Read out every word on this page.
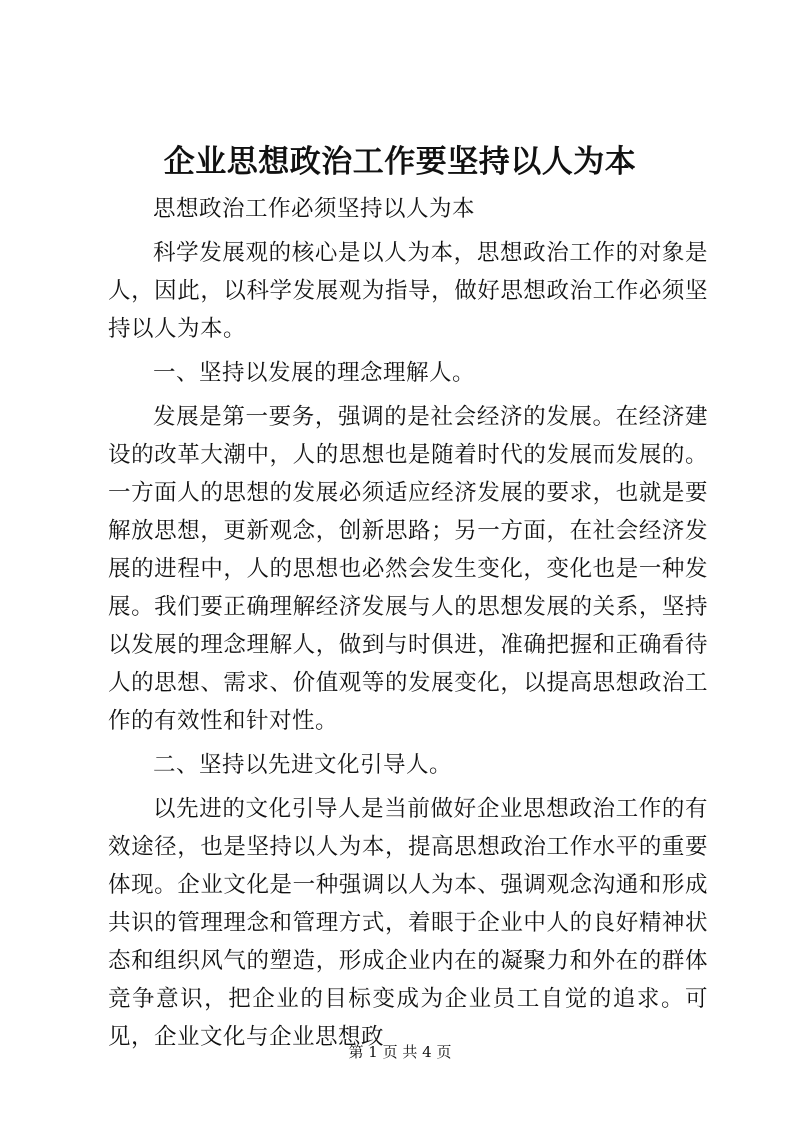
企业思想政治工作要坚持以人为本

思想政治工作必须坚持以人为本

科学发展观的核心是以人为本，思想政治工作的对象是人，因此，以科学发展观为指导，做好思想政治工作必须坚持以人为本。

一、坚持以发展的理念理解人。

发展是第一要务，强调的是社会经济的发展。在经济建设的改革大潮中，人的思想也是随着时代的发展而发展的。一方面人的思想的发展必须适应经济发展的要求，也就是要解放思想，更新观念，创新思路；另一方面，在社会经济发展的进程中，人的思想也必然会发生变化，变化也是一种发展。我们要正确理解经济发展与人的思想发展的关系，坚持以发展的理念理解人，做到与时俱进，准确把握和正确看待人的思想、需求、价值观等的发展变化，以提高思想政治工作的有效性和针对性。

二、坚持以先进文化引导人。

以先进的文化引导人是当前做好企业思想政治工作的有效途径，也是坚持以人为本，提高思想政治工作水平的重要体现。企业文化是一种强调以人为本、强调观念沟通和形成共识的管理理念和管理方式，着眼于企业中人的良好精神状态和组织风气的塑造，形成企业内在的凝聚力和外在的群体竞争意识，把企业的目标变成为企业员工自觉的追求。可见，企业文化与企业思想政

第 1 页 共 4 页
